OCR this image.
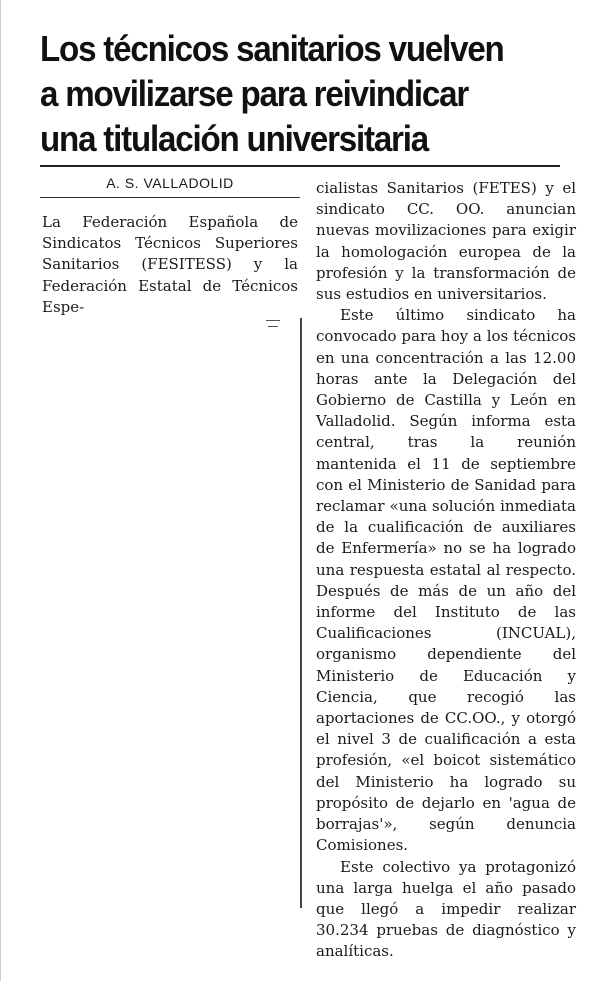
Los técnicos sanitarios vuelven
a movilizarse para reivindicar
una titulación universitaria
A. S. VALLADOLID

La Federación Española de Sindicatos Técnicos Superiores Sanitarios (FESITESS) y la Federación Estatal de Técnicos Espe-

cialistas Sanitarios (FETES) y el sindicato CC. OO. anuncian nuevas movilizaciones para exigir la homologación europea de la profesión y la transformación de sus estudios en universitarios.

Este último sindicato ha convocado para hoy a los técnicos en una concentración a las 12.00 horas ante la Delegación del Gobierno de Castilla y León en Valladolid. Según informa esta central, tras la reunión mantenida el 11 de septiembre con el Ministerio de Sanidad para reclamar «una solución inmediata de la cualificación de auxiliares de Enfermería» no se ha logrado una respuesta estatal al respecto. Después de más de un año del informe del Instituto de las Cualificaciones (INCUAL), organismo dependiente del Ministerio de Educación y Ciencia, que recogió las aportaciones de CC.OO., y otorgó el nivel 3 de cualificación a esta profesión, «el boicot sistemático del Ministerio ha logrado su propósito de dejarlo en 'agua de borrajas'», según denuncia Comisiones.

Este colectivo ya protagonizó una larga huelga el año pasado que llegó a impedir realizar 30.234 pruebas de diagnóstico y analíticas.
